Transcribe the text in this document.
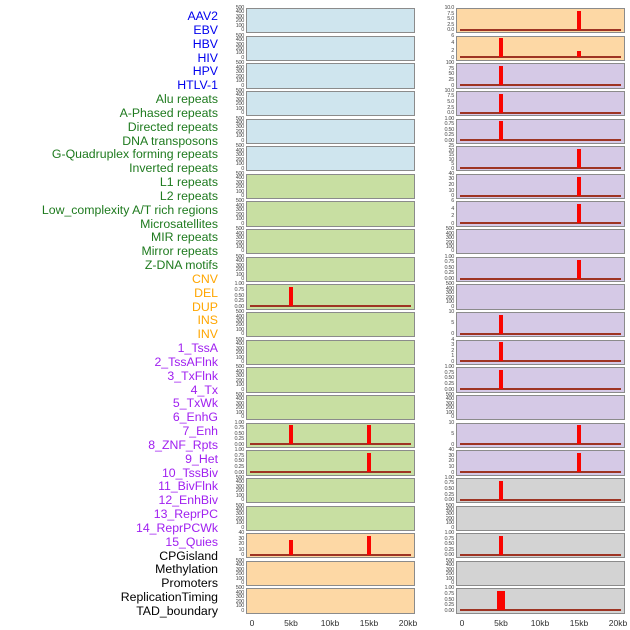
AAV2
EBV
HBV
HIV
HPV
HTLV-1
Alu repeats
A-Phased repeats
Directed repeats
DNA transposons
G-Quadruplex forming repeats
Inverted repeats
L1 repeats
L2 repeats
Low_complexity A/T rich regions
Microsatellites
MIR repeats
Mirror repeats
Z-DNA motifs
CNV
DEL
DUP
INS
INV
1_TssA
2_TssAFlnk
3_TxFlnk
4_Tx
5_TxWk
6_EnhG
7_Enh
8_ZNF_Rpts
9_Het
10_TssBiv
11_BivFlnk
12_EnhBiv
13_ReprPC
14_ReprPCWk
15_Quies
CPGisland
Methylation
Promoters
ReplicationTiming
TAD_boundary
500
400
300
200
100
0
500
400
300
200
100
0
500
400
300
200
100
0
500
400
300
200
100
0
500
400
300
200
100
0
500
400
300
200
100
0
500
400
300
200
100
0
500
400
300
200
100
0
500
400
300
200
100
0
500
400
300
200
100
0
1.00
0.75
0.50
0.25
0.00
500
400
300
200
100
0
500
400
300
200
100
0
500
400
300
200
100
0
500
400
300
200
100
0
1.00
0.75
0.50
0.25
0.00
1.00
0.75
0.50
0.25
0.00
500
400
300
200
100
0
500
400
300
200
100
0
40
30
20
10
0
500
400
300
200
100
0
500
400
300
200
100
0
0	5kb	10kb	15kb	20kb
10.0
7.5
5.0
2.5
0.0
6
4
2
0
100
75
50
25
0
10.0
7.5
5.0
2.5
0.0
1.00
0.75
0.50
0.25
0.00
25
20
15
10
5
0
40
30
20
10
0
6
4
2
0
500
400
300
200
100
0
1.00
0.75
0.50
0.25
0.00
500
400
300
200
100
0
10
5
0
4
3
2
1
0
1.00
0.75
0.50
0.25
0.00
500
400
300
200
100
0
10
5
0
40
30
20
10
0
1.00
0.75
0.50
0.25
0.00
500
400
300
200
100
0
1.00
0.75
0.50
0.25
0.00
500
400
300
200
100
0
1.00
0.75
0.50
0.25
0.00
0	5kb	10kb	15kb	20kb
